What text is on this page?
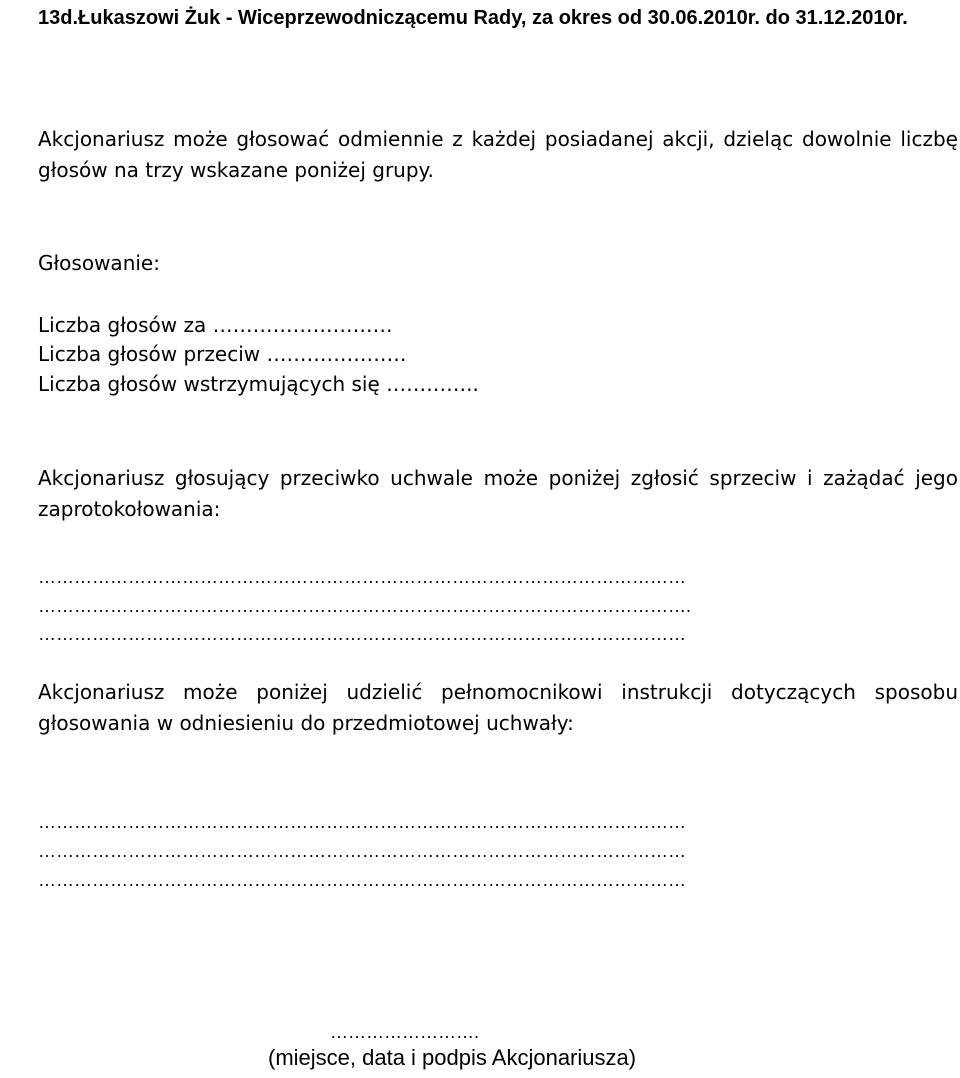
13d.Łukaszowi Żuk - Wiceprzewodniczącemu Rady, za okres od 30.06.2010r. do 31.12.2010r.
Akcjonariusz może głosować odmiennie z każdej posiadanej akcji, dzieląc dowolnie liczbę głosów na trzy wskazane poniżej grupy.
Głosowanie:
Liczba głosów za ………………………
Liczba głosów przeciw …………………
Liczba głosów wstrzymujących się …………..
Akcjonariusz głosujący przeciwko uchwale może poniżej zgłosić sprzeciw i zażądać jego zaprotokołowania:
………………………………………………………………………………………………
……………………………………………………………………………………………….
………………………………………………………………………………………………
Akcjonariusz może poniżej udzielić pełnomocnikowi instrukcji dotyczących sposobu głosowania w odniesieniu do przedmiotowej uchwały:
………………………………………………………………………………………………
………………………………………………………………………………………………
………………………………………………………………………………………………
…………………….
(miejsce, data i podpis Akcjonariusza)
